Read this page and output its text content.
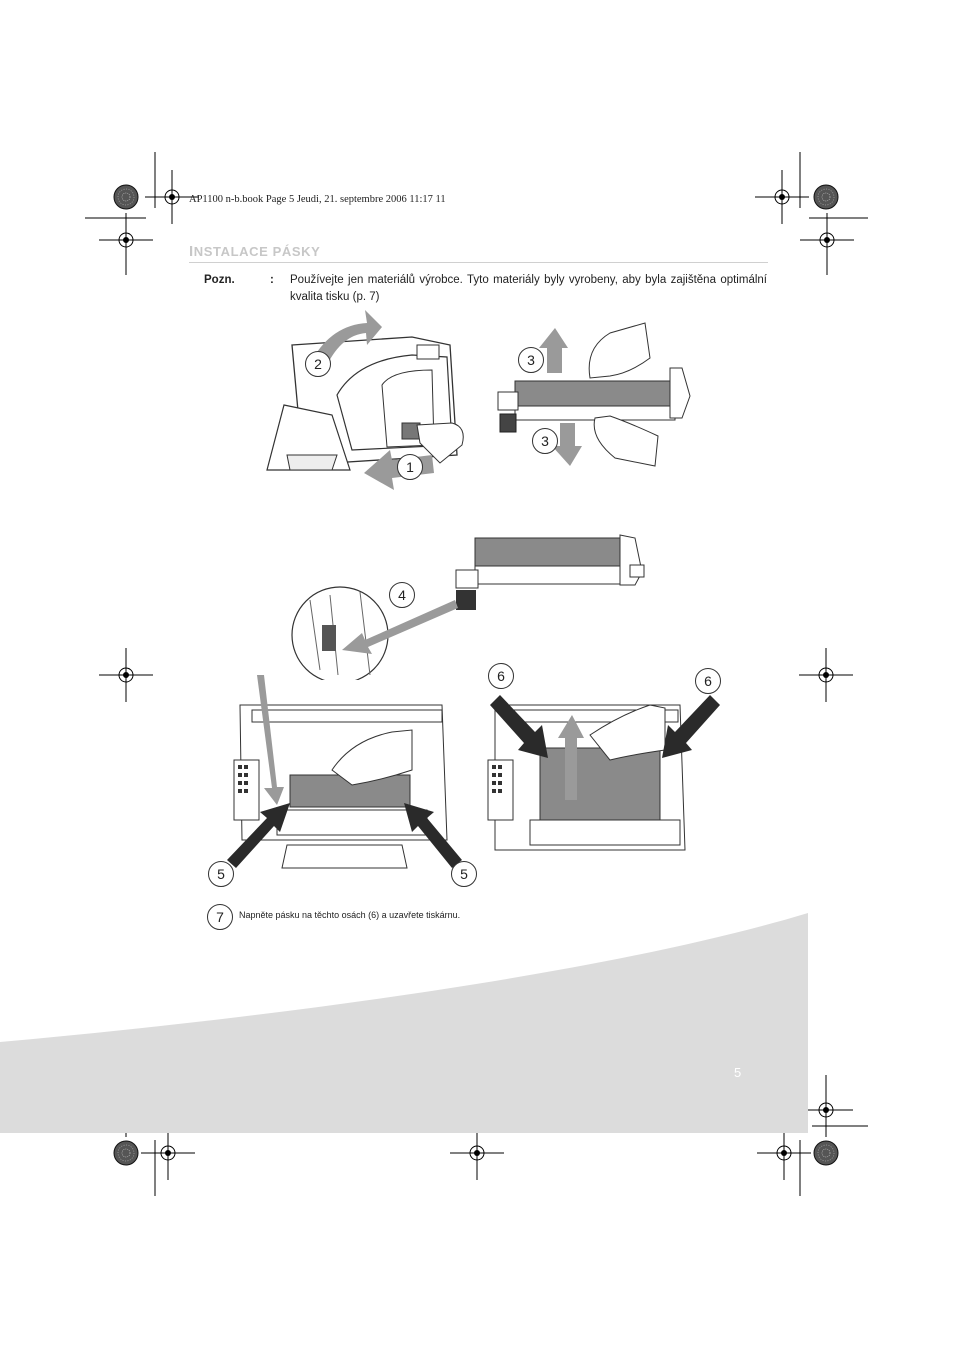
AP1100 n-b.book Page 5 Jeudi, 21. septembre 2006 11:17 11
INSTALACE PÁSKY
Pozn.	: Používejte jen materiálů výrobce. Tyto materiály byly vyrobeny, aby byla zajištěna optimální kvalita tisku (p. 7)
2
1
3
3
4
5	5
6	6
7	Napněte pásku na těchto osách (6) a uzavřete tiskárnu.
5
